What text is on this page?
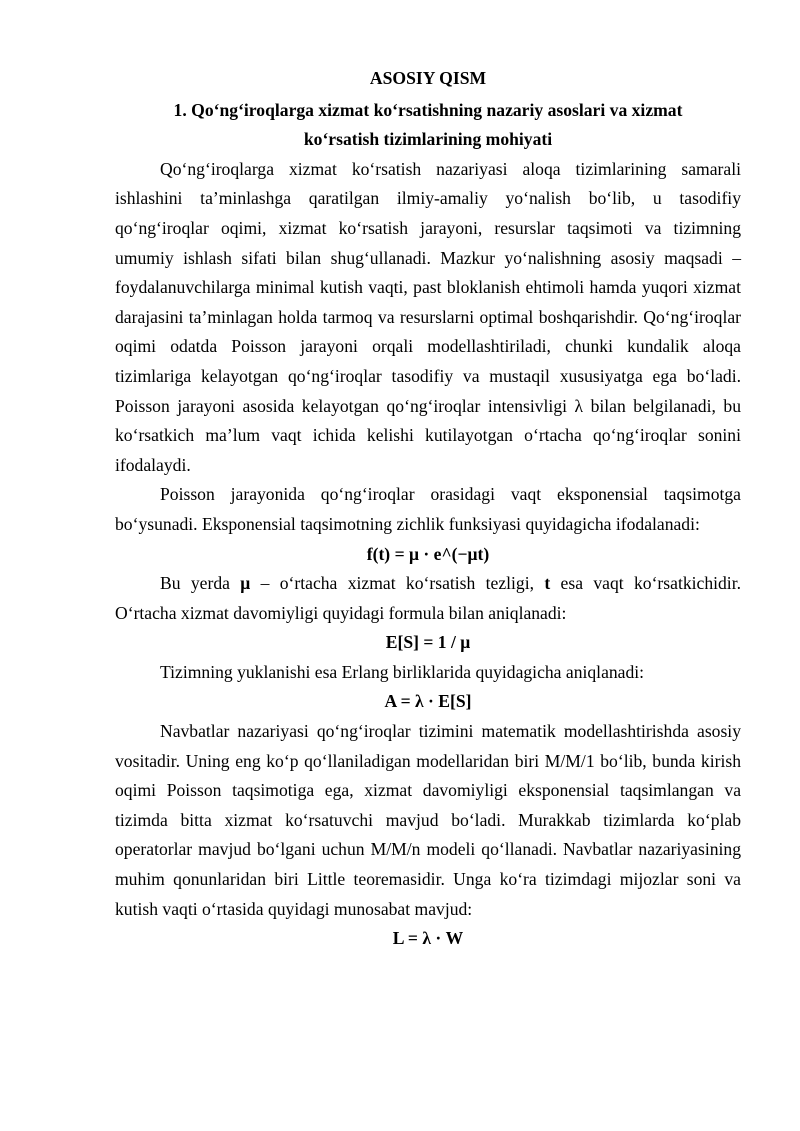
ASOSIY QISM

1. Qo‘ng‘iroqlarga xizmat ko‘rsatishning nazariy asoslari va xizmat

ko‘rsatish tizimlarining mohiyati

Qo‘ng‘iroqlarga xizmat ko‘rsatish nazariyasi aloqa tizimlarining samarali ishlashini ta’minlashga qaratilgan ilmiy-amaliy yo‘nalish bo‘lib, u tasodifiy qo‘ng‘iroqlar oqimi, xizmat ko‘rsatish jarayoni, resurslar taqsimoti va tizimning umumiy ishlash sifati bilan shug‘ullanadi. Mazkur yo‘nalishning asosiy maqsadi – foydalanuvchilarga minimal kutish vaqti, past bloklanish ehtimoli hamda yuqori xizmat darajasini ta’minlagan holda tarmoq va resurslarni optimal boshqarishdir. Qo‘ng‘iroqlar oqimi odatda Poisson jarayoni orqali modellashtiriladi, chunki kundalik aloqa tizimlariga kelayotgan qo‘ng‘iroqlar tasodifiy va mustaqil xususiyatga ega bo‘ladi. Poisson jarayoni asosida kelayotgan qo‘ng‘iroqlar intensivligi λ bilan belgilanadi, bu ko‘rsatkich ma’lum vaqt ichida kelishi kutilayotgan o‘rtacha qo‘ng‘iroqlar sonini ifodalaydi.

Poisson jarayonida qo‘ng‘iroqlar orasidagi vaqt eksponensial taqsimotga bo‘ysunadi. Eksponensial taqsimotning zichlik funksiyasi quyidagicha ifodalanadi:

f(t) = μ · e^(−μt)

Bu yerda μ – o‘rtacha xizmat ko‘rsatish tezligi, t esa vaqt ko‘rsatkichidir. O‘rtacha xizmat davomiyligi quyidagi formula bilan aniqlanadi:

E[S] = 1 / μ

Tizimning yuklanishi esa Erlang birliklarida quyidagicha aniqlanadi:

A = λ · E[S]

Navbatlar nazariyasi qo‘ng‘iroqlar tizimini matematik modellashtirishda asosiy vositadir. Uning eng ko‘p qo‘llaniladigan modellaridan biri M/M/1 bo‘lib, bunda kirish oqimi Poisson taqsimotiga ega, xizmat davomiyligi eksponensial taqsimlangan va tizimda bitta xizmat ko‘rsatuvchi mavjud bo‘ladi. Murakkab tizimlarda ko‘plab operatorlar mavjud bo‘lgani uchun M/M/n modeli qo‘llanadi. Navbatlar nazariyasining muhim qonunlaridan biri Little teoremasidir. Unga ko‘ra tizimdagi mijozlar soni va kutish vaqti o‘rtasida quyidagi munosabat mavjud:

L = λ · W
